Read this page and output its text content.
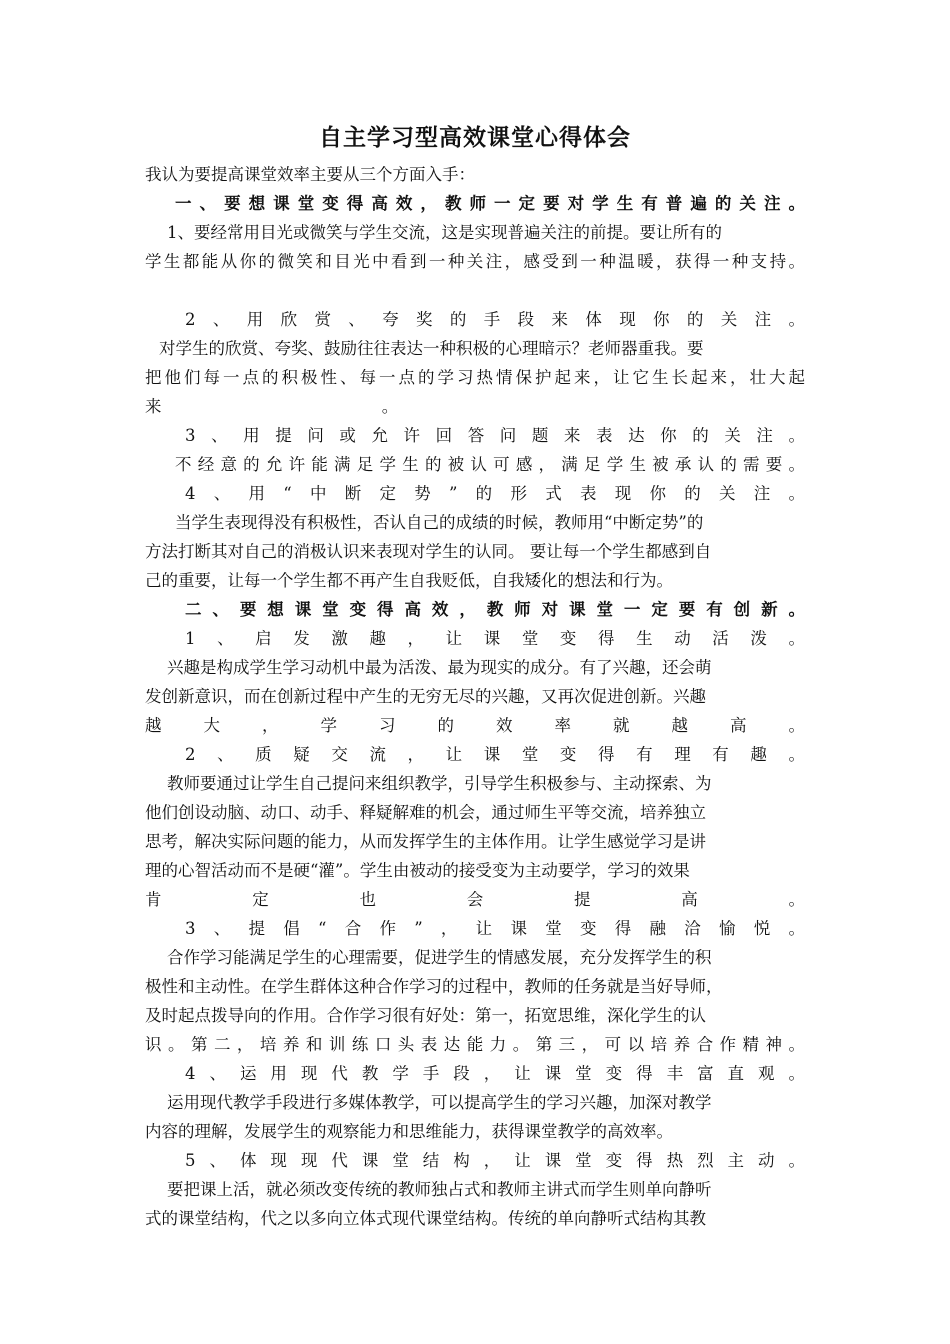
自主学习型高效课堂心得体会
我认为要提高课堂效率主要从三个方面入手：
一、要想课堂变得高效，教师一定要对学生有普遍的关注。
1、要经常用目光或微笑与学生交流，这是实现普遍关注的前提。要让所有的
学生都能从你的微笑和目光中看到一种关注，感受到一种温暖，获得一种支持。
2、用欣赏、夸奖的手段来体现你的关注。
对学生的欣赏、夸奖、鼓励往往表达一种积极的心理暗示？老师器重我。要
把他们每一点的积极性、每一点的学习热情保护起来，让它生长起来，壮大起
来                                          。
3、用提问或允许回答问题来表达你的关注。
不经意的允许能满足学生的被认可感，满足学生被承认的需要。
4、用“中断定势”的形式表现你的关注。
当学生表现得没有积极性，否认自己的成绩的时候，教师用“中断定势”的
方法打断其对自己的消极认识来表现对学生的认同。 要让每一个学生都感到自
己的重要，让每一个学生都不再产生自我贬低，自我矮化的想法和行为。
二、要想课堂变得高效，教师对课堂一定要有创新。
1、启发激趣，让课堂变得生动活泼。
兴趣是构成学生学习动机中最为活泼、最为现实的成分。有了兴趣，还会萌
发创新意识，而在创新过程中产生的无穷无尽的兴趣，又再次促进创新。兴趣
越大，学习的效率就越高。
2、质疑交流，让课堂变得有理有趣。
教师要通过让学生自己提问来组织教学，引导学生积极参与、主动探索、为
他们创设动脑、动口、动手、释疑解难的机会，通过师生平等交流，培养独立
思考，解决实际问题的能力，从而发挥学生的主体作用。让学生感觉学习是讲
理的心智活动而不是硬“灌”。学生由被动的接受变为主动要学，学习的效果
肯定也会提高。
3、提倡“合作”，让课堂变得融洽愉悦。
合作学习能满足学生的心理需要，促进学生的情感发展，充分发挥学生的积
极性和主动性。在学生群体这种合作学习的过程中，教师的任务就是当好导师，
及时起点拨导向的作用。合作学习很有好处：第一，拓宽思维，深化学生的认
识。第二，培养和训练口头表达能力。第三，可以培养合作精神。
4、运用现代教学手段，让课堂变得丰富直观。
运用现代教学手段进行多媒体教学，可以提高学生的学习兴趣，加深对教学
内容的理解，发展学生的观察能力和思维能力，获得课堂教学的高效率。
5、体现现代课堂结构，让课堂变得热烈主动。
要把课上活，就必须改变传统的教师独占式和教师主讲式而学生则单向静听
式的课堂结构，代之以多向立体式现代课堂结构。传统的单向静听式结构其教
